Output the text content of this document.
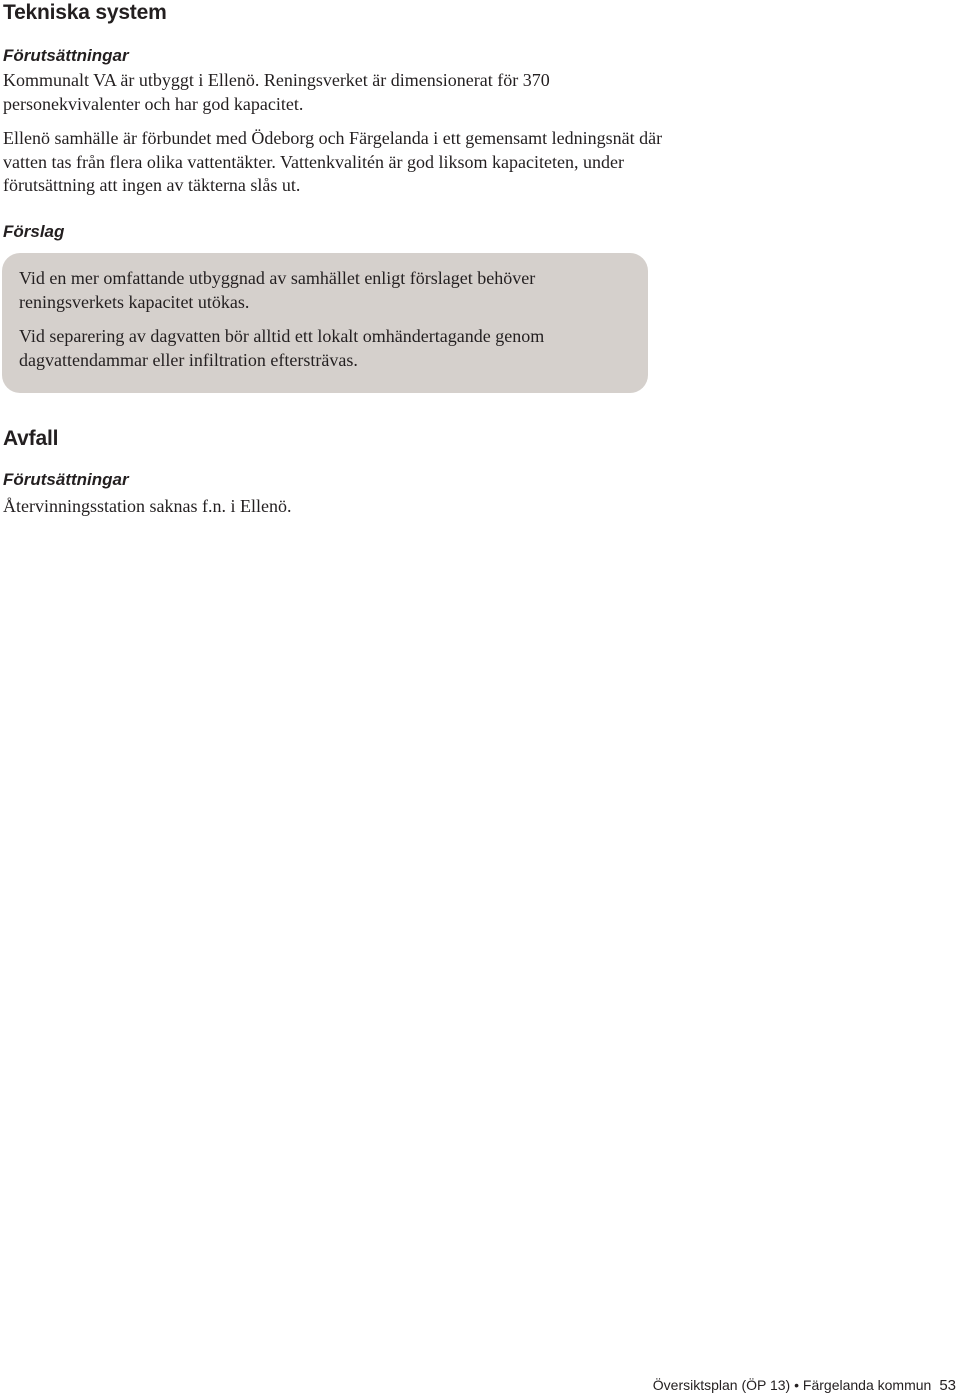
Tekniska system
Förutsättningar

Kommunalt VA är utbyggt i Ellenö. Reningsverket är dimensionerat för 370 personekvivalenter och har god kapacitet.

Ellenö samhälle är förbundet med Ödeborg och Färgelanda i ett gemensamt ledningsnät där vatten tas från flera olika vattentäkter. Vattenkvalitén är god liksom kapaciteten, under förutsättning att ingen av täkterna slås ut.

Förslag

Vid en mer omfattande utbyggnad av samhället enligt förslaget behöver reningsverkets kapacitet utökas.

Vid separering av dagvatten bör alltid ett lokalt omhändertagande genom dagvattendammar eller infiltration eftersträvas.

Avfall
Förutsättningar

Återvinningsstation saknas f.n. i Ellenö.

Översiktsplan (ÖP 13) • Färgelanda kommun 53
